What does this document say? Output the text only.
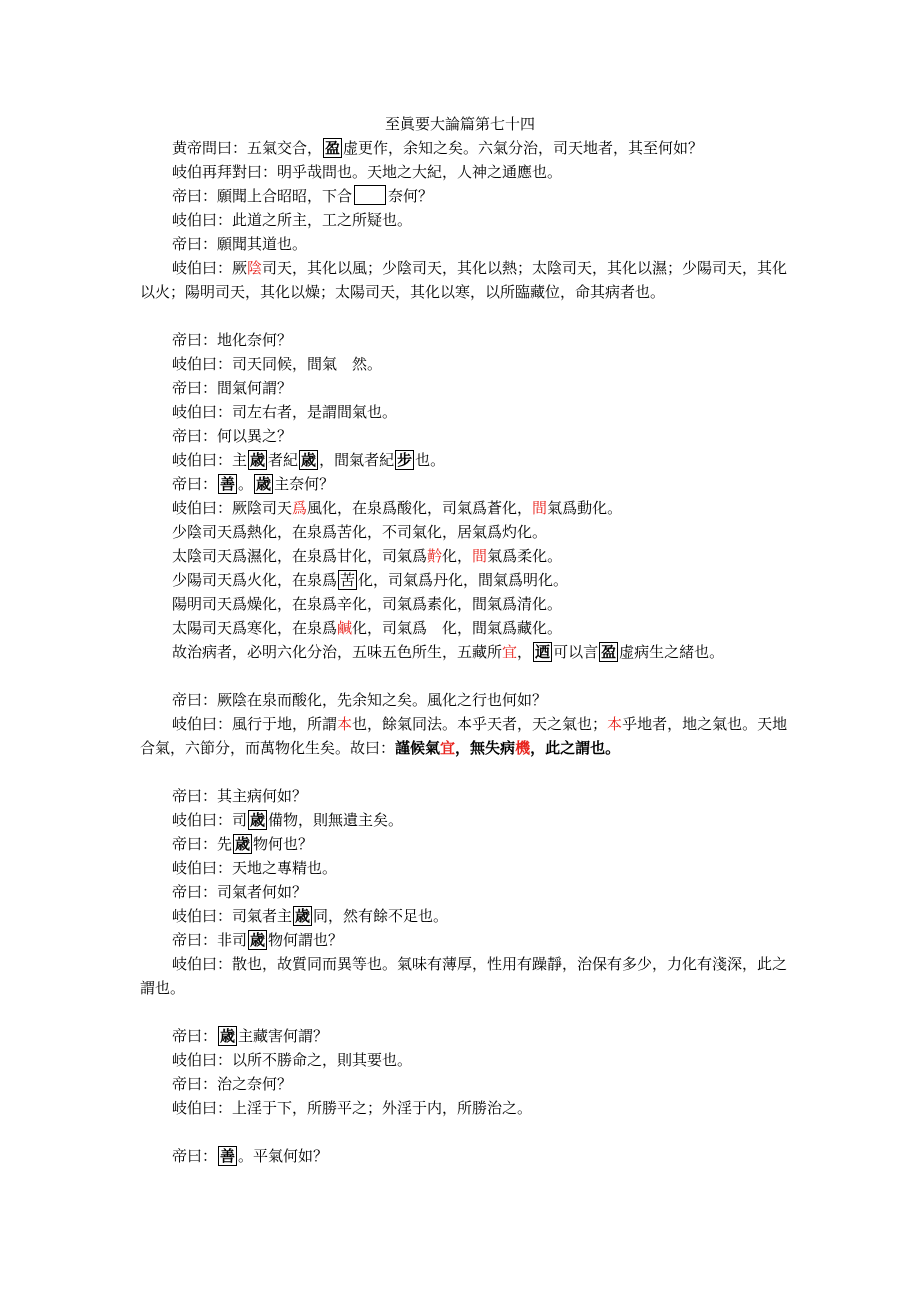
至眞要大論篇第七十四
黄帝問曰：五氣交合， 盈 虚更作，余知之矣。六氣分治，司天地者，其至何如？
岐伯再拜對曰：明乎哉問也。天地之大紀，人神之通應也。
帝曰：願聞上合昭昭，下合 奈何？
岐伯曰：此道之所主，工之所疑也。
帝曰：願聞其道也。
岐伯曰：厥陰司天，其化以風；少陰司天，其化以熱；太陰司天，其化以濕；少陽司天，其化以火；陽明司天，其化以燥；太陽司天，其化以寒，以所臨藏位，命其病者也。
帝曰：地化奈何？
岐伯曰：司天同候，間氣　然。
帝曰：間氣何謂？
岐伯曰：司左右者，是謂間氣也。
帝曰：何以異之？
岐伯曰：主 歳 者紀 歳 ，間氣者紀 步 也。
帝曰： 善 。 歳 主奈何？
岐伯曰：厥陰司天爲風化，在泉爲酸化，司氣爲蒼化，間氣爲動化。
少陰司天爲熱化，在泉爲苦化，不司氣化，居氣爲灼化。
太陰司天爲濕化，在泉爲甘化，司氣爲黅化，間氣爲柔化。
少陽司天爲火化，在泉爲 苦 化，司氣爲丹化，間氣爲明化。
陽明司天爲燥化，在泉爲辛化，司氣爲素化，間氣爲清化。
太陽司天爲寒化，在泉爲鹹化，司氣爲　化，間氣爲藏化。
故治病者，必明六化分治，五味五色所生，五藏所宜， 迺 可以言 盈 虚病生之緒也。
帝曰：厥陰在泉而酸化，先余知之矣。風化之行也何如？
岐伯曰：風行于地，所謂本也，餘氣同法。本乎天者，天之氣也；本乎地者，地之氣也。天地合氣，六節分，而萬物化生矣。故曰：謹候氣宜，無失病機，此之謂也。
帝曰：其主病何如？
岐伯曰：司 歳 備物，則無遺主矣。
帝曰：先 歳 物何也？
岐伯曰：天地之專精也。
帝曰：司氣者何如？
岐伯曰：司氣者主 歳 同，然有餘不足也。
帝曰：非司 歳 物何謂也？
岐伯曰：散也，故質同而異等也。氣味有薄厚，性用有躁靜，治保有多少，力化有淺深，此之謂也。
帝曰： 歳 主藏害何謂？
岐伯曰：以所不勝命之，則其要也。
帝曰：治之奈何？
岐伯曰：上淫于下，所勝平之；外淫于内，所勝治之。
帝曰： 善 。平氣何如？
